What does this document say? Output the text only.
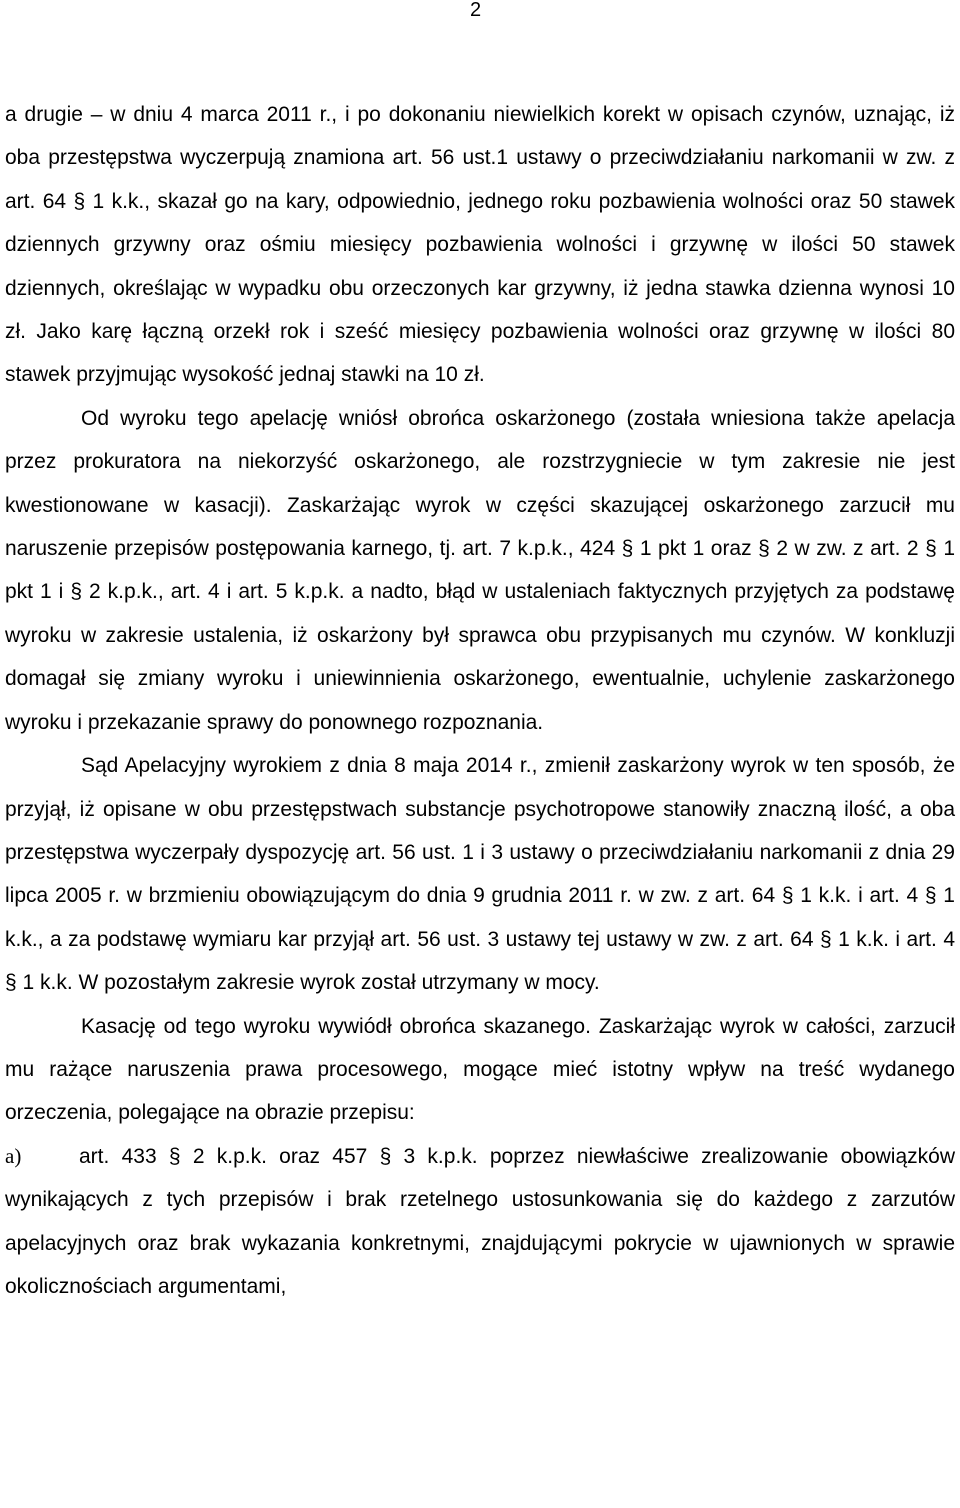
2

a drugie – w dniu 4 marca 2011 r., i po dokonaniu niewielkich korekt w opisach czynów, uznając, iż oba przestępstwa wyczerpują znamiona art. 56 ust.1 ustawy o przeciwdziałaniu narkomanii w zw. z art. 64 § 1 k.k., skazał go na kary, odpowiednio, jednego roku pozbawienia wolności oraz 50 stawek dziennych grzywny oraz ośmiu miesięcy pozbawienia wolności i grzywnę w ilości 50 stawek dziennych, określając w wypadku obu orzeczonych kar grzywny, iż jedna stawka dzienna wynosi 10 zł. Jako karę łączną orzekł rok i sześć miesięcy pozbawienia wolności oraz grzywnę w ilości 80 stawek przyjmując wysokość jednaj stawki na 10 zł.

Od wyroku tego apelację wniósł obrońca oskarżonego (została wniesiona także apelacja przez prokuratora na niekorzyść oskarżonego, ale rozstrzygniecie w tym zakresie nie jest kwestionowane w kasacji). Zaskarżając wyrok w części skazującej oskarżonego zarzucił mu naruszenie przepisów postępowania karnego, tj. art. 7 k.p.k., 424 § 1 pkt 1 oraz § 2 w zw. z art. 2 § 1 pkt 1 i § 2 k.p.k., art. 4 i art. 5 k.p.k. a nadto, błąd w ustaleniach faktycznych przyjętych za podstawę wyroku w zakresie ustalenia, iż oskarżony był sprawca obu przypisanych mu czynów. W konkluzji domagał się zmiany wyroku i uniewinnienia oskarżonego, ewentualnie, uchylenie zaskarżonego wyroku i przekazanie sprawy do ponownego rozpoznania.

Sąd Apelacyjny wyrokiem z dnia 8 maja 2014 r., zmienił zaskarżony wyrok w ten sposób, że przyjął, iż opisane w obu przestępstwach substancje psychotropowe stanowiły znaczną ilość, a oba przestępstwa wyczerpały dyspozycję art. 56 ust. 1 i 3 ustawy o przeciwdziałaniu narkomanii z dnia 29 lipca 2005 r. w brzmieniu obowiązującym do dnia 9 grudnia 2011 r. w zw. z art. 64 § 1 k.k. i art. 4 § 1 k.k., a za podstawę wymiaru kar przyjął art. 56 ust. 3 ustawy tej ustawy w zw. z art. 64 § 1 k.k. i art. 4 § 1 k.k. W pozostałym zakresie wyrok został utrzymany w mocy.

Kasację od tego wyroku wywiódł obrońca skazanego. Zaskarżając wyrok w całości, zarzucił mu rażące naruszenia prawa procesowego, mogące mieć istotny wpływ na treść wydanego orzeczenia, polegające na obrazie przepisu:

a)	art. 433 § 2 k.p.k. oraz 457 § 3 k.p.k. poprzez niewłaściwe zrealizowanie obowiązków wynikających z tych przepisów i brak rzetelnego ustosunkowania się do każdego z zarzutów apelacyjnych oraz brak wykazania konkretnymi, znajdującymi pokrycie w ujawnionych w sprawie okolicznościach argumentami,
